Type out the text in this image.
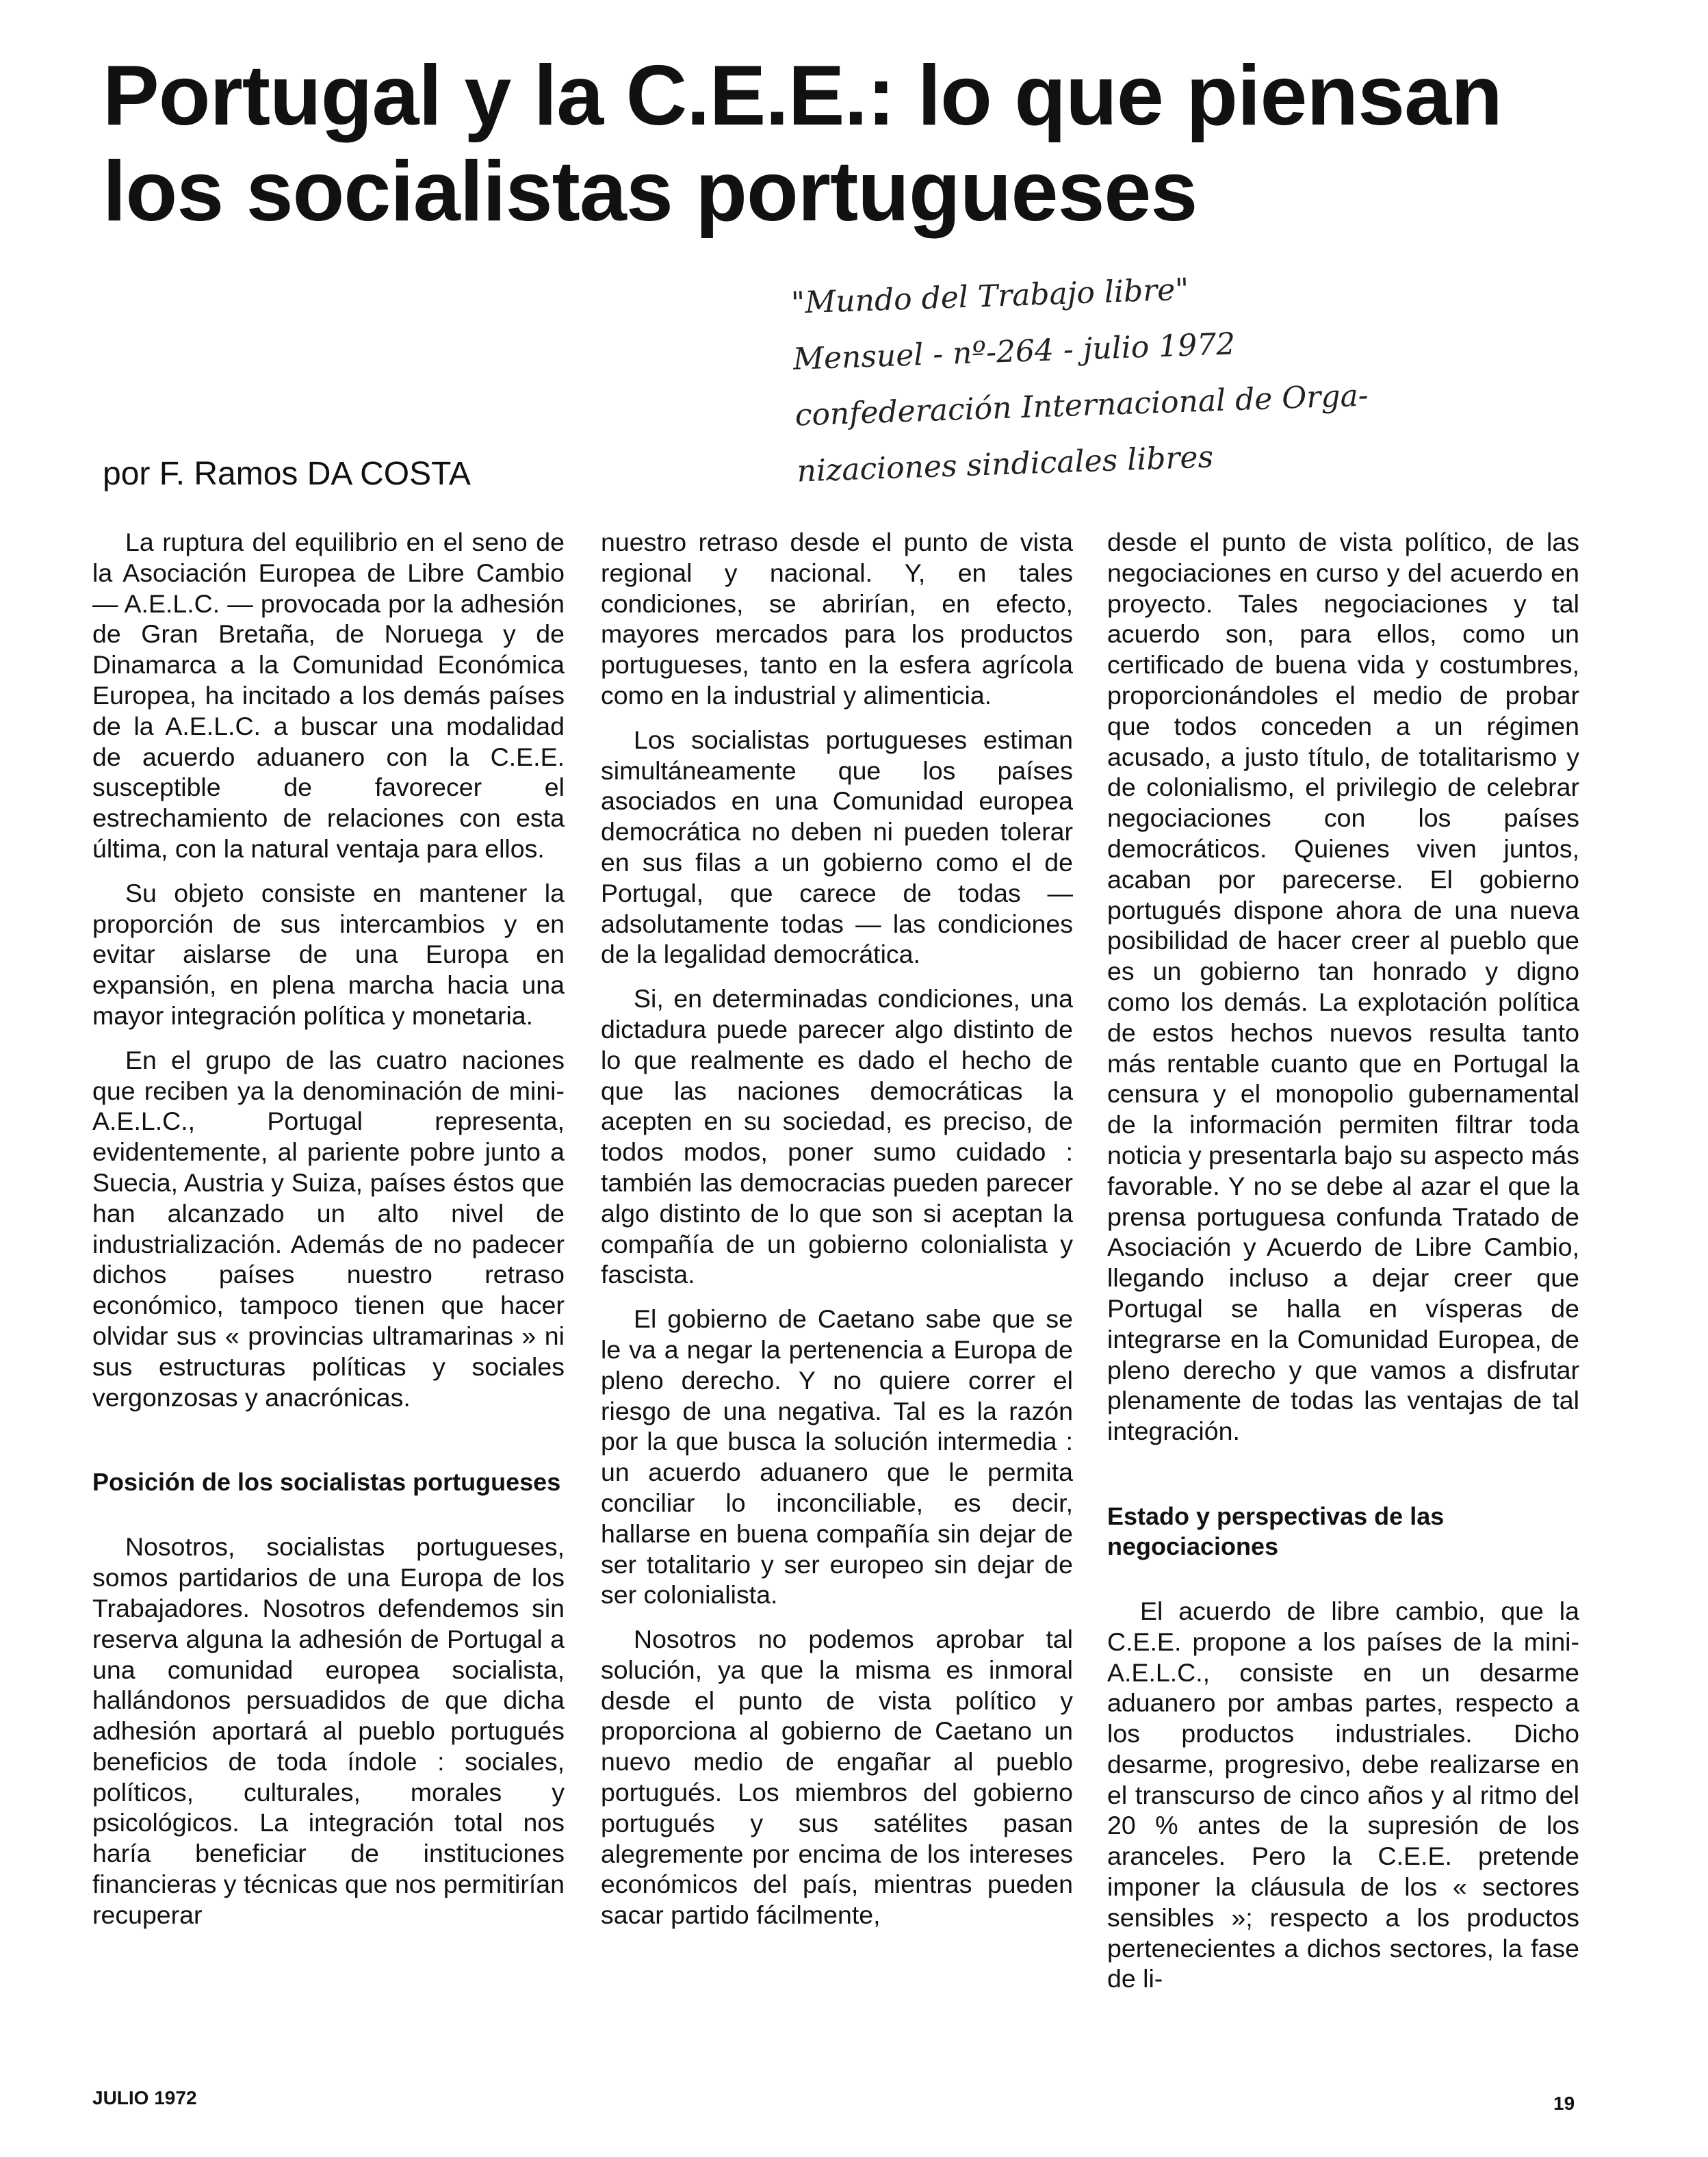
Portugal y la C.E.E.: lo que piensan
los socialistas portugueses
"Mundo del Trabajo libre"
Mensuel - nº-264 - julio 1972
confederación Internacional de Orga-
nizaciones sindicales libres
por F. Ramos DA COSTA

La ruptura del equilibrio en el seno de la Asociación Europea de Libre Cambio — A.E.L.C. — provocada por la adhesión de Gran Bretaña, de Noruega y de Dinamarca a la Comunidad Económica Europea, ha incitado a los demás países de la A.E.L.C. a buscar una modalidad de acuerdo aduanero con la C.E.E. susceptible de favorecer el estrechamiento de relaciones con esta última, con la natural ventaja para ellos.

Su objeto consiste en mantener la proporción de sus intercambios y en evitar aislarse de una Europa en expansión, en plena marcha hacia una mayor integración política y monetaria.

En el grupo de las cuatro naciones que reciben ya la denominación de mini-A.E.L.C., Portugal representa, evidentemente, al pariente pobre junto a Suecia, Austria y Suiza, países éstos que han alcanzado un alto nivel de industrialización. Además de no padecer dichos países nuestro retraso económico, tampoco tienen que hacer olvidar sus « provincias ultramarinas » ni sus estructuras políticas y sociales vergonzosas y anacrónicas.

Posición de los socialistas portugueses

Nosotros, socialistas portugueses, somos partidarios de una Europa de los Trabajadores. Nosotros defendemos sin reserva alguna la adhesión de Portugal a una comunidad europea socialista, hallándonos persuadidos de que dicha adhesión aportará al pueblo portugués beneficios de toda índole : sociales, políticos, culturales, morales y psicológicos. La integración total nos haría beneficiar de instituciones financieras y técnicas que nos permitirían recuperar

nuestro retraso desde el punto de vista regional y nacional. Y, en tales condiciones, se abrirían, en efecto, mayores mercados para los productos portugueses, tanto en la esfera agrícola como en la industrial y alimenticia.

Los socialistas portugueses estiman simultáneamente que los países asociados en una Comunidad europea democrática no deben ni pueden tolerar en sus filas a un gobierno como el de Portugal, que carece de todas — adsolutamente todas — las condiciones de la legalidad democrática.

Si, en determinadas condiciones, una dictadura puede parecer algo distinto de lo que realmente es dado el hecho de que las naciones democráticas la acepten en su sociedad, es preciso, de todos modos, poner sumo cuidado : también las democracias pueden parecer algo distinto de lo que son si aceptan la compañía de un gobierno colonialista y fascista.

El gobierno de Caetano sabe que se le va a negar la pertenencia a Europa de pleno derecho. Y no quiere correr el riesgo de una negativa. Tal es la razón por la que busca la solución intermedia : un acuerdo aduanero que le permita conciliar lo inconciliable, es decir, hallarse en buena compañía sin dejar de ser totalitario y ser europeo sin dejar de ser colonialista.

Nosotros no podemos aprobar tal solución, ya que la misma es inmoral desde el punto de vista político y proporciona al gobierno de Caetano un nuevo medio de engañar al pueblo portugués. Los miembros del gobierno portugués y sus satélites pasan alegremente por encima de los intereses económicos del país, mientras pueden sacar partido fácilmente,

desde el punto de vista político, de las negociaciones en curso y del acuerdo en proyecto. Tales negociaciones y tal acuerdo son, para ellos, como un certificado de buena vida y costumbres, proporcionándoles el medio de probar que todos conceden a un régimen acusado, a justo título, de totalitarismo y de colonialismo, el privilegio de celebrar negociaciones con los países democráticos. Quienes viven juntos, acaban por parecerse. El gobierno portugués dispone ahora de una nueva posibilidad de hacer creer al pueblo que es un gobierno tan honrado y digno como los demás. La explotación política de estos hechos nuevos resulta tanto más rentable cuanto que en Portugal la censura y el monopolio gubernamental de la información permiten filtrar toda noticia y presentarla bajo su aspecto más favorable. Y no se debe al azar el que la prensa portuguesa confunda Tratado de Asociación y Acuerdo de Libre Cambio, llegando incluso a dejar creer que Portugal se halla en vísperas de integrarse en la Comunidad Europea, de pleno derecho y que vamos a disfrutar plenamente de todas las ventajas de tal integración.

Estado y perspectivas de las negociaciones

El acuerdo de libre cambio, que la C.E.E. propone a los países de la mini-A.E.L.C., consiste en un desarme aduanero por ambas partes, respecto a los productos industriales. Dicho desarme, progresivo, debe realizarse en el transcurso de cinco años y al ritmo del 20 % antes de la supresión de los aranceles. Pero la C.E.E. pretende imponer la cláusula de los « sectores sensibles »; respecto a los productos pertenecientes a dichos sectores, la fase de li-

JULIO 1972	19
